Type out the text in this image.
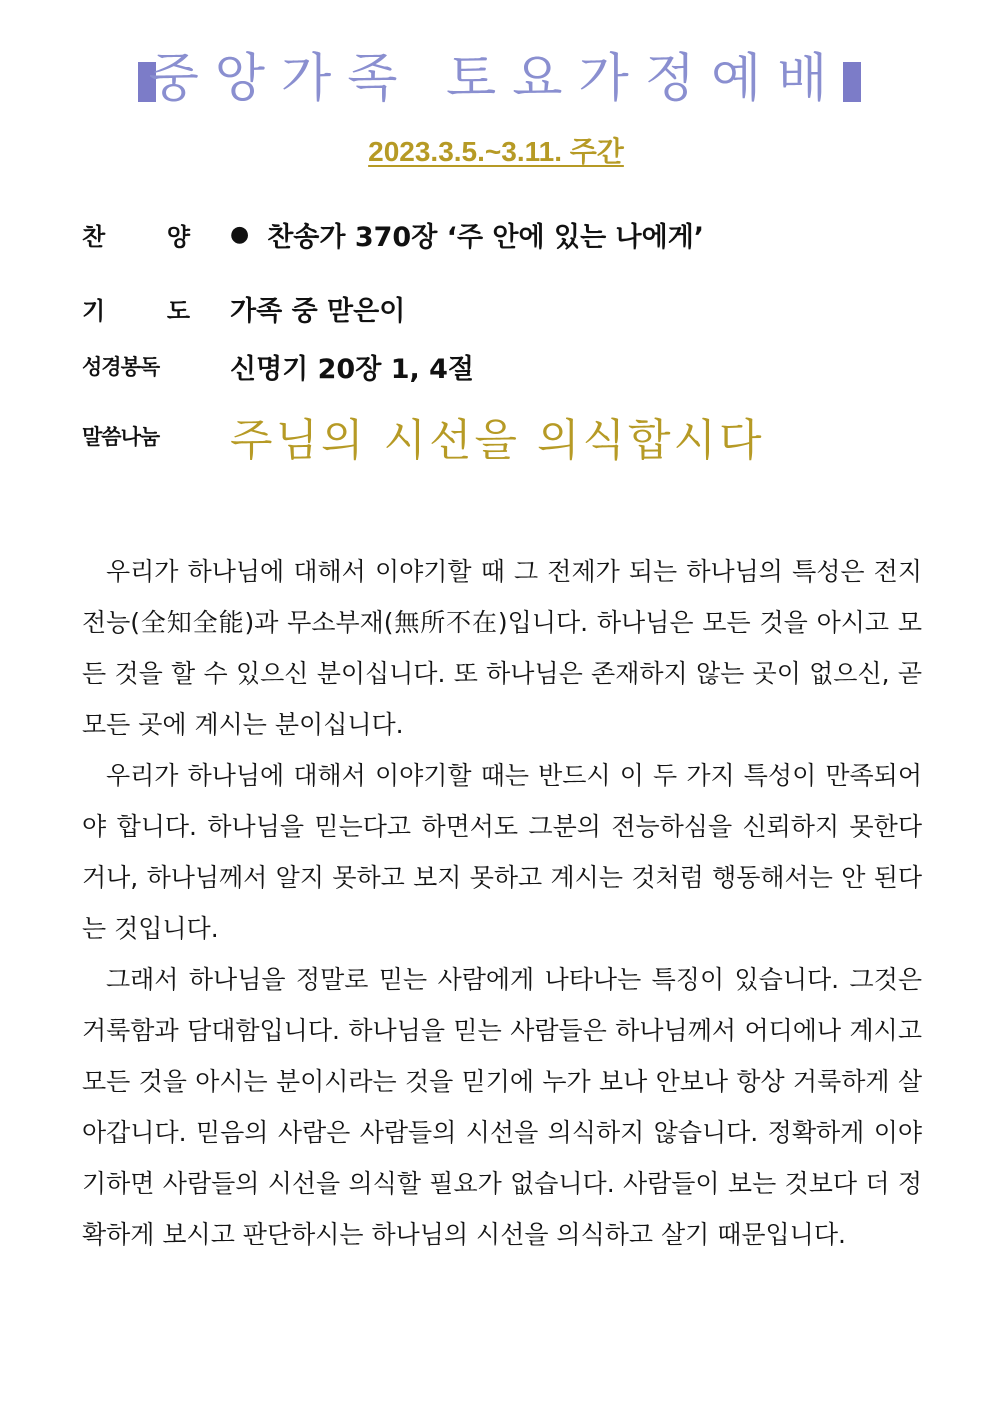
중앙가족 토요가정예배
2023.3.5.~3.11. 주간
찬	양 ● 찬송가 370장 ‘주 안에 있는 나에게’
기	도 가족 중 맏은이
성경봉독	신명기 20장 1, 4절
말씀나눔	주님의 시선을 의식합시다

우리가 하나님에 대해서 이야기할 때 그 전제가 되는 하나님의 특성은 전지전능(全知全能)과 무소부재(無所不在)입니다. 하나님은 모든 것을 아시고 모든 것을 할 수 있으신 분이십니다. 또 하나님은 존재하지 않는 곳이 없으신, 곧 모든 곳에 계시는 분이십니다.

우리가 하나님에 대해서 이야기할 때는 반드시 이 두 가지 특성이 만족되어야 합니다. 하나님을 믿는다고 하면서도 그분의 전능하심을 신뢰하지 못한다거나, 하나님께서 알지 못하고 보지 못하고 계시는 것처럼 행동해서는 안 된다는 것입니다.

그래서 하나님을 정말로 믿는 사람에게 나타나는 특징이 있습니다. 그것은 거룩함과 담대함입니다. 하나님을 믿는 사람들은 하나님께서 어디에나 계시고 모든 것을 아시는 분이시라는 것을 믿기에 누가 보나 안보나 항상 거룩하게 살아갑니다. 믿음의 사람은 사람들의 시선을 의식하지 않습니다. 정확하게 이야기하면 사람들의 시선을 의식할 필요가 없습니다. 사람들이 보는 것보다 더 정확하게 보시고 판단하시는 하나님의 시선을 의식하고 살기 때문입니다.
